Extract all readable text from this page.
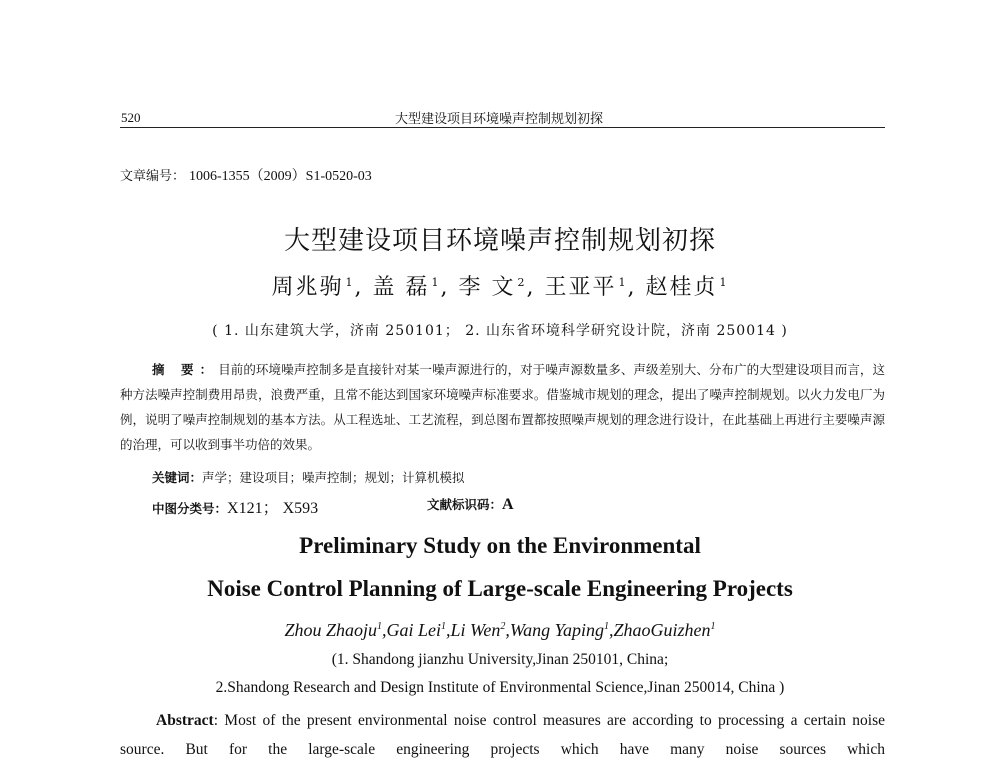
520	大型建设项目环境噪声控制规划初探
文章编号： 1006-1355（2009）S1-0520-03
大型建设项目环境噪声控制规划初探
周兆驹 $^1$, 盖 磊 $^1$, 李 文 $^2$, 王亚平 $^1$, 赵桂贞 $^1$
( 1. 山东建筑大学，济南 250101； 2. 山东省环境科学研究设计院，济南 250014 )
摘 要：目前的环境噪声控制多是直接针对某一噪声源进行的，对于噪声源数量多、声级差别大、分布广的大型建设项目而言，这种方法噪声控制费用昂贵，浪费严重，且常不能达到国家环境噪声标准要求。借鉴城市规划的理念，提出了噪声控制规划。以火力发电厂为例，说明了噪声控制规划的基本方法。从工程选址、工艺流程，到总图布置都按照噪声规划的理念进行设计，在此基础上再进行主要噪声源的治理，可以收到事半功倍的效果。
关键词：声学；建设项目；噪声控制；规划；计算机模拟
中图分类号：X121； X593	文献标识码：A
Preliminary Study on the Environmental
Noise Control Planning of Large-scale Engineering Projects
Zhou Zhaoju$^1$,Gai Lei$^1$,Li Wen$^2$,Wang Yaping$^1$,ZhaoGuizhen$^1$
(1. Shandong jianzhu University,Jinan 250101, China;
2.Shandong Research and Design Institute of Environmental Science,Jinan 250014, China )
Abstract: Most of the present environmental noise control measures are according to processing a certain noise source. But for the large-scale engineering projects which have many noise sources which
